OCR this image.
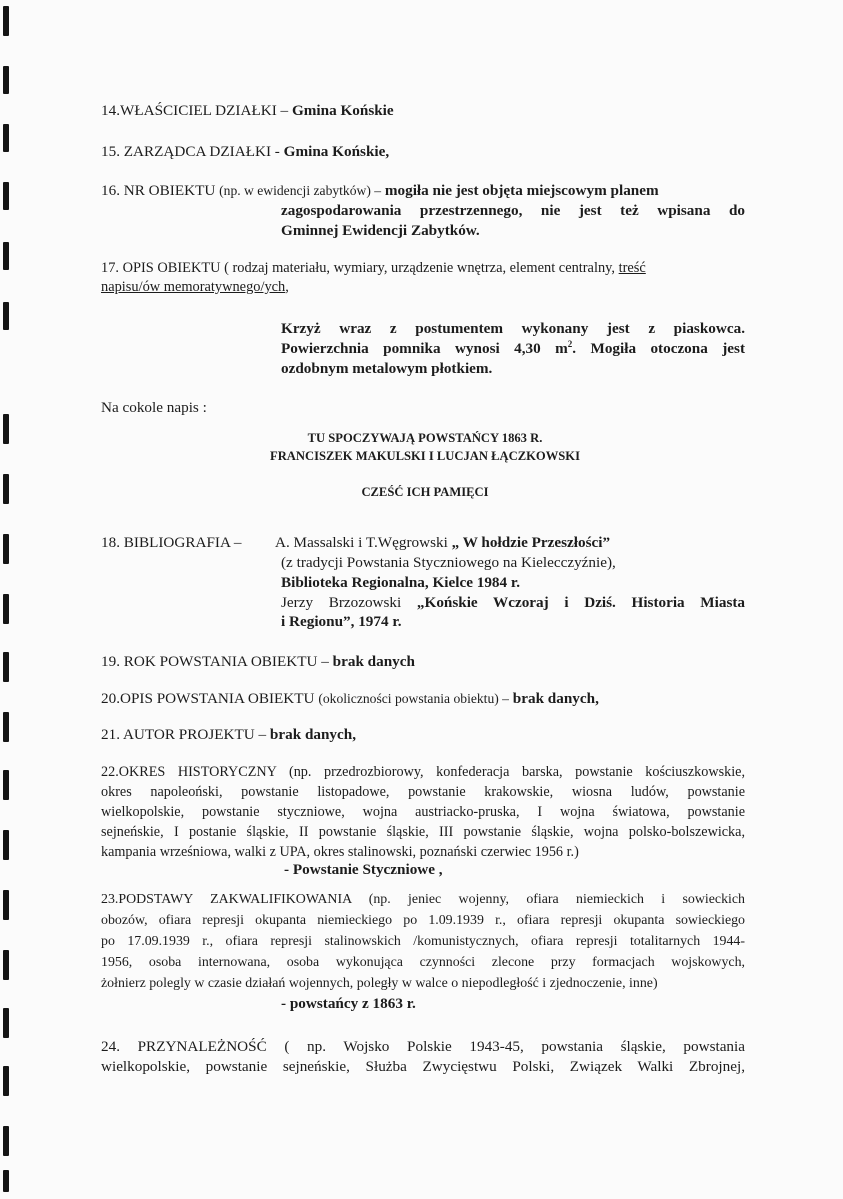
14.WŁAŚCICIEL DZIAŁKI – Gmina Końskie
15. ZARZĄDCA DZIAŁKI - Gmina Końskie,
16. NR OBIEKTU (np. w ewidencji zabytków) – mogiła nie jest objęta miejscowym planem
zagospodarowania przestrzennego, nie jest też wpisana do
Gminnej Ewidencji Zabytków.
17. OPIS OBIEKTU ( rodzaj materiału, wymiary, urządzenie wnętrza, element centralny, treść
napisu/ów memoratywnego/ych,
Krzyż wraz z postumentem wykonany jest z piaskowca.
Powierzchnia pomnika wynosi 4,30 $m^2$. Mogiła otoczona jest
ozdobnym metalowym płotkiem.
Na cokole napis :
TU SPOCZYWAJĄ POWSTAŃCY 1863 R.
FRANCISZEK MAKULSKI I LUCJAN ŁĄCZKOWSKI
CZEŚĆ ICH PAMIĘCI
18. BIBLIOGRAFIA – A. Massalski i T.Węgrowski „ W hołdzie Przeszłości”
(z tradycji Powstania Styczniowego na Kielecczyźnie),
Biblioteka Regionalna, Kielce 1984 r.
Jerzy Brzozowski „Końskie Wczoraj i Dziś. Historia Miasta
i Regionu”, 1974 r.
19. ROK POWSTANIA OBIEKTU – brak danych
20.OPIS POWSTANIA OBIEKTU (okoliczności powstania obiektu) – brak danych,
21. AUTOR PROJEKTU – brak danych,
22.OKRES HISTORYCZNY (np. przedrozbiorowy, konfederacja barska, powstanie kościuszkowskie,
okres napoleoński, powstanie listopadowe, powstanie krakowskie, wiosna ludów, powstanie
wielkopolskie, powstanie styczniowe, wojna austriacko-pruska, I wojna światowa, powstanie
sejneńskie, I postanie śląskie, II powstanie śląskie, III powstanie śląskie, wojna polsko-bolszewicka,
kampania wrześniowa, walki z UPA, okres stalinowski, poznański czerwiec 1956 r.)
- Powstanie Styczniowe ,
23.PODSTAWY ZAKWALIFIKOWANIA (np. jeniec wojenny, ofiara niemieckich i sowieckich
obozów, ofiara represji okupanta niemieckiego po 1.09.1939 r., ofiara represji okupanta sowieckiego
po 17.09.1939 r., ofiara represji stalinowskich /komunistycznych, ofiara represji totalitarnych 1944-
1956, osoba internowana, osoba wykonująca czynności zlecone przy formacjach wojskowych,
żołnierz polegly w czasie działań wojennych, poległy w walce o niepodległość i zjednoczenie, inne)
- powstańcy z 1863 r.
24. PRZYNALEŻNOŚĆ ( np. Wojsko Polskie 1943-45, powstania śląskie, powstania
wielkopolskie, powstanie sejneńskie, Służba Zwycięstwu Polski, Związek Walki Zbrojnej,
